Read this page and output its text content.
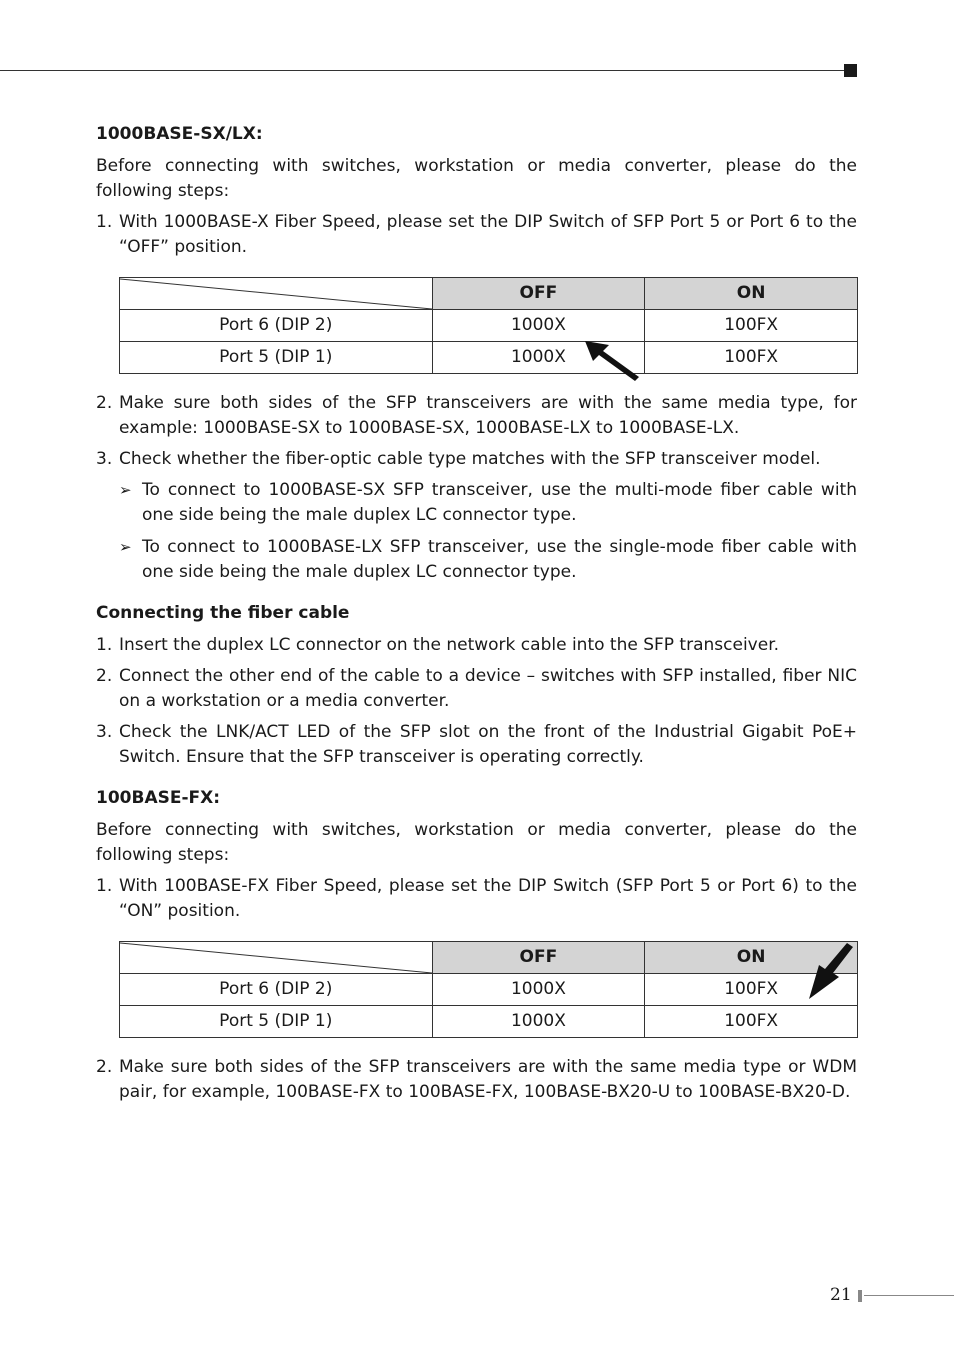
1000BASE-SX/LX:

Before connecting with switches, workstation or media converter, please do the following steps:

1. With 1000BASE-X Fiber Speed, please set the DIP Switch of SFP Port 5 or Port 6 to the “OFF” position.
	OFF	ON
Port 6 (DIP 2)	1000X	100FX
Port 5 (DIP 1)	1000X	100FX
2. Make sure both sides of the SFP transceivers are with the same media type, for example: 1000BASE-SX to 1000BASE-SX, 1000BASE-LX to 1000BASE-LX.
3. Check whether the fiber-optic cable type matches with the SFP transceiver model.
➢ To connect to 1000BASE-SX SFP transceiver, use the multi-mode fiber cable with one side being the male duplex LC connector type.
➢ To connect to 1000BASE-LX SFP transceiver, use the single-mode fiber cable with one side being the male duplex LC connector type.
Connecting the fiber cable
1. Insert the duplex LC connector on the network cable into the SFP transceiver.
2. Connect the other end of the cable to a device – switches with SFP installed, fiber NIC on a workstation or a media converter.
3. Check the LNK/ACT LED of the SFP slot on the front of the Industrial Gigabit PoE+ Switch. Ensure that the SFP transceiver is operating correctly.
100BASE-FX:

Before connecting with switches, workstation or media converter, please do the following steps:

1. With 100BASE-FX Fiber Speed, please set the DIP Switch (SFP Port 5 or Port 6) to the “ON” position.
	OFF	ON
Port 6 (DIP 2)	1000X	100FX
Port 5 (DIP 1)	1000X	100FX
2. Make sure both sides of the SFP transceivers are with the same media type or WDM pair, for example, 100BASE-FX to 100BASE-FX, 100BASE-BX20-U to 100BASE-BX20-D.
21
